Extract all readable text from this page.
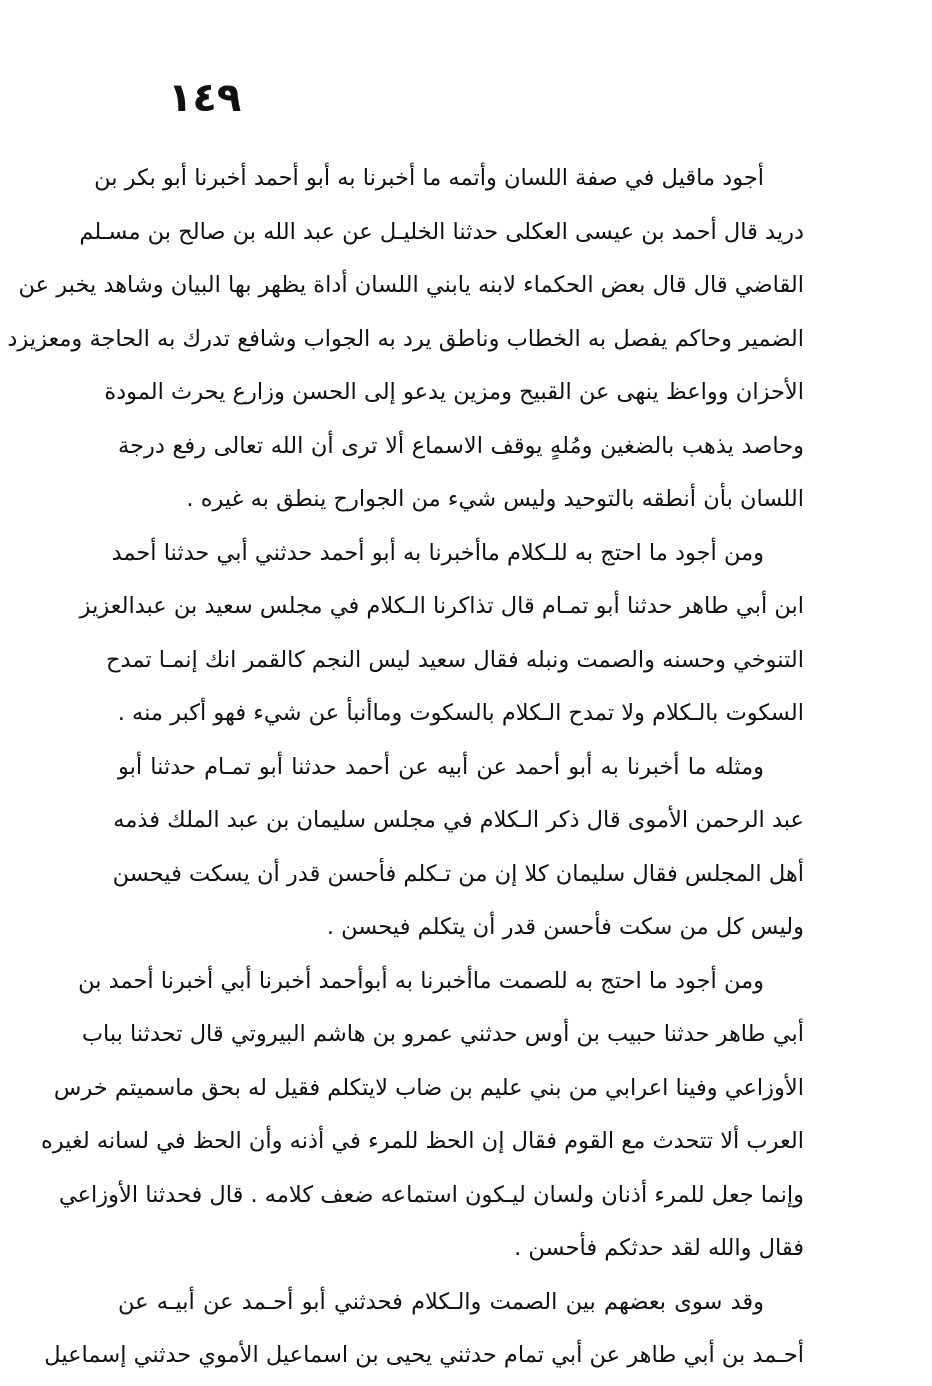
١٤٩
أجود ماقيل في صفة اللسان وأتمه ما أخبرنا به أبو أحمد أخبرنا أبو بكر بن
دريد قال أحمد بن عيسى العكلى حدثنا الخليـل عن عبد الله بن صالح بن مسـلم
القاضي قال قال بعض الحكماء لابنه يابني اللسان أداة يظهر بها البيان وشاهد يخبر عن
الضمير وحاكم يفصل به الخطاب وناطق يرد به الجواب وشافع تدرك به الحاجة ومعزيزد
الأحزان وواعظ ينهى عن القبيح ومزين يدعو إلى الحسن وزارع يحرث المودة
وحاصد يذهب بالضغين ومُلهٍ يوقف الاسماع ألا ترى أن الله تعالى رفع درجة
اللسان بأن أنطقه بالتوحيد وليس شيء من الجوارح ينطق به غيره .
ومن أجود ما احتج به للـكلام ماأخبرنا به أبو أحمد حدثني أبي حدثنا أحمد
ابن أبي طاهر حدثنا أبو تمـام قال تذاكرنا الـكلام في مجلس سعيد بن عبدالعزيز
التنوخي وحسنه والصمت ونبله فقال سعيد ليس النجم كالقمر انك إنمـا تمدح
السكوت بالـكلام ولا تمدح الـكلام بالسكوت وماأنبأ عن شيء فهو أكبر منه .
ومثله ما أخبرنا به أبو أحمد عن أبيه عن أحمد حدثنا أبو تمـام حدثنا أبو
عبد الرحمن الأموى قال ذكر الـكلام في مجلس سليمان بن عبد الملك فذمه
أهل المجلس فقال سليمان كلا إن من تـكلم فأحسن قدر أن يسكت فيحسن
وليس كل من سكت فأحسن قدر أن يتكلم فيحسن .
ومن أجود ما احتج به للصمت ماأخبرنا به أبوأحمد أخبرنا أبي أخبرنا أحمد بن
أبي طاهر حدثنا حبيب بن أوس حدثني عمرو بن هاشم البيروتي قال تحدثنا بباب
الأوزاعي وفينا اعرابي من بني عليم بن ضاب لايتكلم فقيل له بحق ماسميتم خرس
العرب ألا تتحدث مع القوم فقال إن الحظ للمرء في أذنه وأن الحظ في لسانه لغيره
وإنما جعل للمرء أذنان ولسان ليـكون استماعه ضعف كلامه . قال فحدثنا الأوزاعي
فقال والله لقد حدثكم فأحسن .
وقد سوى بعضهم بين الصمت والـكلام فحدثني أبو أحـمد عن أبيـه عن
أحـمد بن أبي طاهر عن أبي تمام حدثني يحيى بن اسماعيل الأموي حدثني إسماعيل
